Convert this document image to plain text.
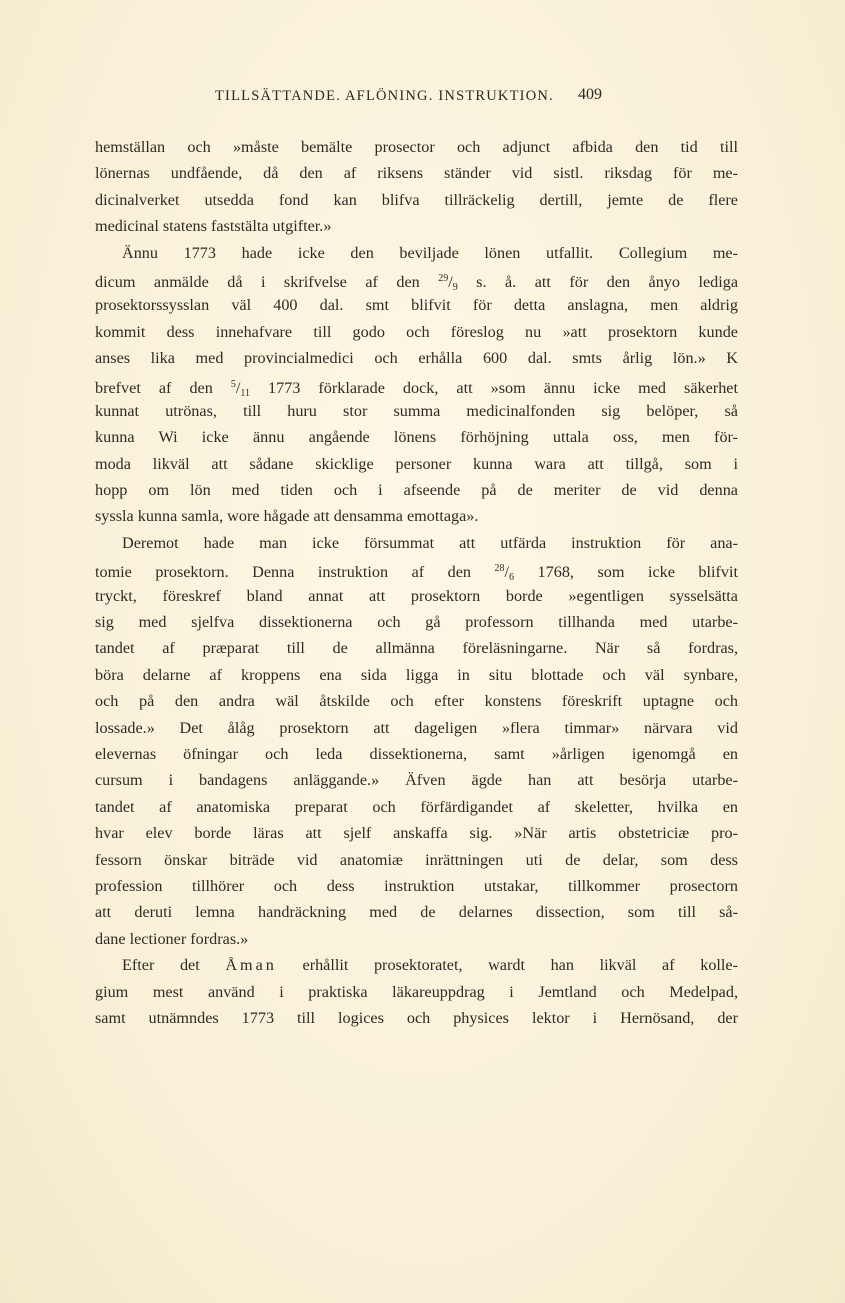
TILLSÄTTANDE. AFLÖNING. INSTRUKTION.	409
hemställan och »måste bemälte prosector och adjunct afbida den tid till
lönernas undfående, då den af riksens ständer vid sistl. riksdag för me-
dicinalverket utsedda fond kan blifva tillräckelig dertill, jemte de flere
medicinal statens faststälta utgifter.»
Ännu 1773 hade icke den beviljade lönen utfallit. Collegium me-
dicum anmälde då i skrifvelse af den $^{29}/_9$ s. å. att för den ånyo lediga
prosektorssysslan väl 400 dal. smt blifvit för detta anslagna, men aldrig
kommit dess innehafvare till godo och föreslog nu »att prosektorn kunde
anses lika med provincialmedici och erhålla 600 dal. smts årlig lön.» K
brefvet af den $^5/_{11}$ 1773 förklarade dock, att »som ännu icke med säkerhet
kunnat utrönas, till huru stor summa medicinalfonden sig belöper, så
kunna Wi icke ännu angående lönens förhöjning uttala oss, men för-
moda likväl att sådane skicklige personer kunna wara att tillgå, som i
hopp om lön med tiden och i afseende på de meriter de vid denna
syssla kunna samla, wore hågade att densamma emottaga».
Deremot hade man icke försummat att utfärda instruktion för ana-
tomie prosektorn. Denna instruktion af den $^{28}/_6$ 1768, som icke blifvit
tryckt, föreskref bland annat att prosektorn borde »egentligen sysselsätta
sig med sjelfva dissektionerna och gå professorn tillhanda med utarbe-
tandet af præparat till de allmänna föreläsningarne. När så fordras,
böra delarne af kroppens ena sida ligga in situ blottade och väl synbare,
och på den andra wäl åtskilde och efter konstens föreskrift uptagne och
lossade.» Det ålåg prosektorn att dageligen »flera timmar» närvara vid
elevernas öfningar och leda dissektionerna, samt »årligen igenomgå en
cursum i bandagens anläggande.» Äfven ägde han att besörja utarbe-
tandet af anatomiska preparat och förfärdigandet af skeletter, hvilka en
hvar elev borde läras att sjelf anskaffa sig. »När artis obstetriciæ pro-
fessorn önskar biträde vid anatomiæ inrättningen uti de delar, som dess
profession tillhörer och dess instruktion utstakar, tillkommer prosectorn
att deruti lemna handräckning med de delarnes dissection, som till så-
dane lectioner fordras.»
Efter det Åman erhållit prosektoratet, wardt han likväl af kolle-
gium mest använd i praktiska läkareuppdrag i Jemtland och Medelpad,
samt utnämndes 1773 till logices och physices lektor i Hernösand, der
